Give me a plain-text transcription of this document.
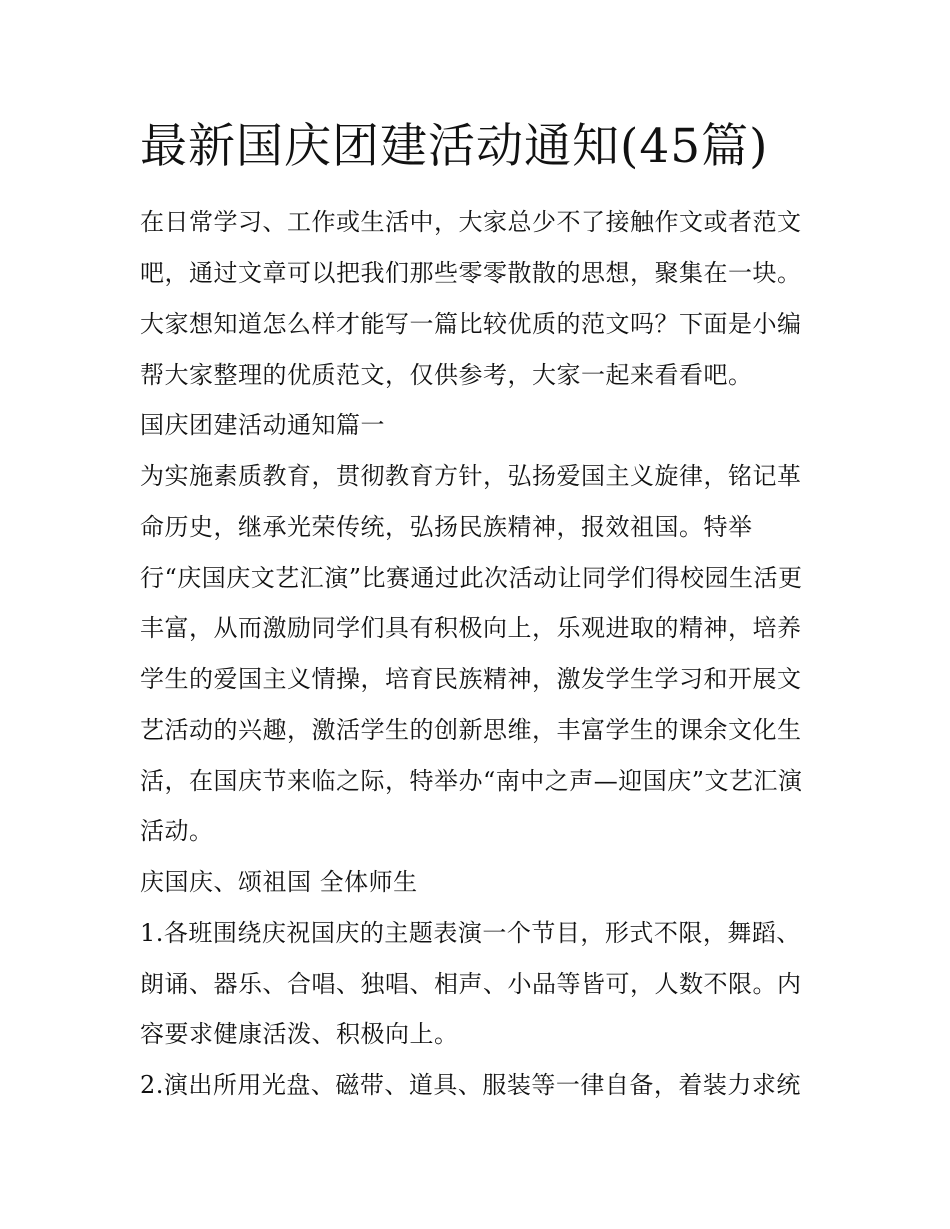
最新国庆团建活动通知(45篇)
在日常学习、工作或生活中，大家总少不了接触作文或者范文
吧，通过文章可以把我们那些零零散散的思想，聚集在一块。
大家想知道怎么样才能写一篇比较优质的范文吗？下面是小编
帮大家整理的优质范文，仅供参考，大家一起来看看吧。
国庆团建活动通知篇一
为实施素质教育，贯彻教育方针，弘扬爱国主义旋律，铭记革
命历史，继承光荣传统，弘扬民族精神，报效祖国。特举
行“庆国庆文艺汇演”比赛通过此次活动让同学们得校园生活更
丰富，从而激励同学们具有积极向上，乐观进取的精神，培养
学生的爱国主义情操，培育民族精神，激发学生学习和开展文
艺活动的兴趣，激活学生的创新思维，丰富学生的课余文化生
活，在国庆节来临之际，特举办“南中之声—迎国庆”文艺汇演
活动。
庆国庆、颂祖国 全体师生
1.各班围绕庆祝国庆的主题表演一个节目，形式不限，舞蹈、
朗诵、器乐、合唱、独唱、相声、小品等皆可，人数不限。内
容要求健康活泼、积极向上。
2.演出所用光盘、磁带、道具、服装等一律自备，着装力求统
